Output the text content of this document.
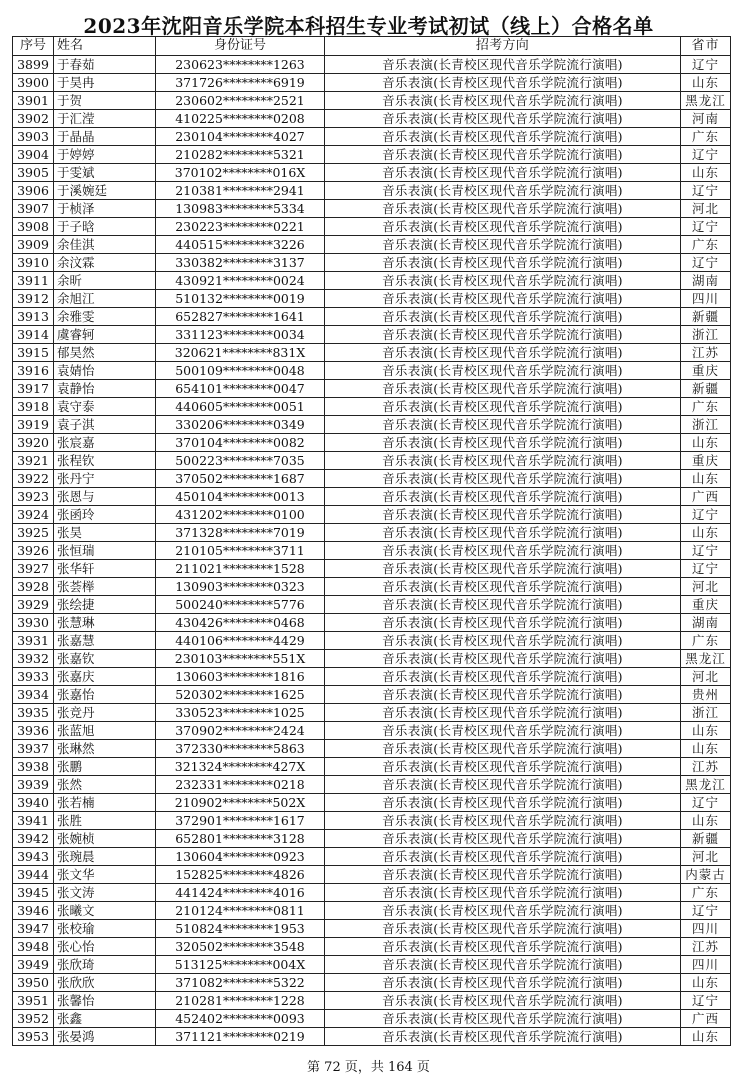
2023年沈阳音乐学院本科招生专业考试初试（线上）合格名单
序号	姓名	身份证号	招考方向	省市
3899	于春茹	230623********1263	音乐表演(长青校区现代音乐学院流行演唱)	辽宁
3900	于昊冉	371726********6919	音乐表演(长青校区现代音乐学院流行演唱)	山东
3901	于贺	230602********2521	音乐表演(长青校区现代音乐学院流行演唱)	黑龙江
3902	于汇滢	410225********0208	音乐表演(长青校区现代音乐学院流行演唱)	河南
3903	于晶晶	230104********4027	音乐表演(长青校区现代音乐学院流行演唱)	广东
3904	于婷婷	210282********5321	音乐表演(长青校区现代音乐学院流行演唱)	辽宁
3905	于雯斌	370102********016X	音乐表演(长青校区现代音乐学院流行演唱)	山东
3906	于溪婉廷	210381********2941	音乐表演(长青校区现代音乐学院流行演唱)	辽宁
3907	于桢泽	130983********5334	音乐表演(长青校区现代音乐学院流行演唱)	河北
3908	于子晗	230223********0221	音乐表演(长青校区现代音乐学院流行演唱)	辽宁
3909	余佳淇	440515********3226	音乐表演(长青校区现代音乐学院流行演唱)	广东
3910	余汶霖	330382********3137	音乐表演(长青校区现代音乐学院流行演唱)	辽宁
3911	余昕	430921********0024	音乐表演(长青校区现代音乐学院流行演唱)	湖南
3912	余旭江	510132********0019	音乐表演(长青校区现代音乐学院流行演唱)	四川
3913	余雅雯	652827********1641	音乐表演(长青校区现代音乐学院流行演唱)	新疆
3914	虞睿轲	331123********0034	音乐表演(长青校区现代音乐学院流行演唱)	浙江
3915	郁昊然	320621********831X	音乐表演(长青校区现代音乐学院流行演唱)	江苏
3916	袁婧怡	500109********0048	音乐表演(长青校区现代音乐学院流行演唱)	重庆
3917	袁静怡	654101********0047	音乐表演(长青校区现代音乐学院流行演唱)	新疆
3918	袁守泰	440605********0051	音乐表演(长青校区现代音乐学院流行演唱)	广东
3919	袁子淇	330206********0349	音乐表演(长青校区现代音乐学院流行演唱)	浙江
3920	张宸嘉	370104********0082	音乐表演(长青校区现代音乐学院流行演唱)	山东
3921	张程钦	500223********7035	音乐表演(长青校区现代音乐学院流行演唱)	重庆
3922	张丹宁	370502********1687	音乐表演(长青校区现代音乐学院流行演唱)	山东
3923	张恩与	450104********0013	音乐表演(长青校区现代音乐学院流行演唱)	广西
3924	张函玲	431202********0100	音乐表演(长青校区现代音乐学院流行演唱)	辽宁
3925	张昊	371328********7019	音乐表演(长青校区现代音乐学院流行演唱)	山东
3926	张恒瑞	210105********3711	音乐表演(长青校区现代音乐学院流行演唱)	辽宁
3927	张华轩	211021********1528	音乐表演(长青校区现代音乐学院流行演唱)	辽宁
3928	张荟榉	130903********0323	音乐表演(长青校区现代音乐学院流行演唱)	河北
3929	张绘捷	500240********5776	音乐表演(长青校区现代音乐学院流行演唱)	重庆
3930	张慧琳	430426********0468	音乐表演(长青校区现代音乐学院流行演唱)	湖南
3931	张嘉慧	440106********4429	音乐表演(长青校区现代音乐学院流行演唱)	广东
3932	张嘉钦	230103********551X	音乐表演(长青校区现代音乐学院流行演唱)	黑龙江
3933	张嘉庆	130603********1816	音乐表演(长青校区现代音乐学院流行演唱)	河北
3934	张嘉怡	520302********1625	音乐表演(长青校区现代音乐学院流行演唱)	贵州
3935	张竞丹	330523********1025	音乐表演(长青校区现代音乐学院流行演唱)	浙江
3936	张蓝旭	370902********2424	音乐表演(长青校区现代音乐学院流行演唱)	山东
3937	张琳然	372330********5863	音乐表演(长青校区现代音乐学院流行演唱)	山东
3938	张鹏	321324********427X	音乐表演(长青校区现代音乐学院流行演唱)	江苏
3939	张然	232331********0218	音乐表演(长青校区现代音乐学院流行演唱)	黑龙江
3940	张若楠	210902********502X	音乐表演(长青校区现代音乐学院流行演唱)	辽宁
3941	张胜	372901********1617	音乐表演(长青校区现代音乐学院流行演唱)	山东
3942	张婉桢	652801********3128	音乐表演(长青校区现代音乐学院流行演唱)	新疆
3943	张琬晨	130604********0923	音乐表演(长青校区现代音乐学院流行演唱)	河北
3944	张文华	152825********4826	音乐表演(长青校区现代音乐学院流行演唱)	内蒙古
3945	张文涛	441424********4016	音乐表演(长青校区现代音乐学院流行演唱)	广东
3946	张曦文	210124********0811	音乐表演(长青校区现代音乐学院流行演唱)	辽宁
3947	张校瑜	510824********1953	音乐表演(长青校区现代音乐学院流行演唱)	四川
3948	张心怡	320502********3548	音乐表演(长青校区现代音乐学院流行演唱)	江苏
3949	张欣琦	513125********004X	音乐表演(长青校区现代音乐学院流行演唱)	四川
3950	张欣欣	371082********5322	音乐表演(长青校区现代音乐学院流行演唱)	山东
3951	张馨怡	210281********1228	音乐表演(长青校区现代音乐学院流行演唱)	辽宁
3952	张鑫	452402********0093	音乐表演(长青校区现代音乐学院流行演唱)	广西
3953	张晏鸿	371121********0219	音乐表演(长青校区现代音乐学院流行演唱)	山东
第 72 页，共 164 页
